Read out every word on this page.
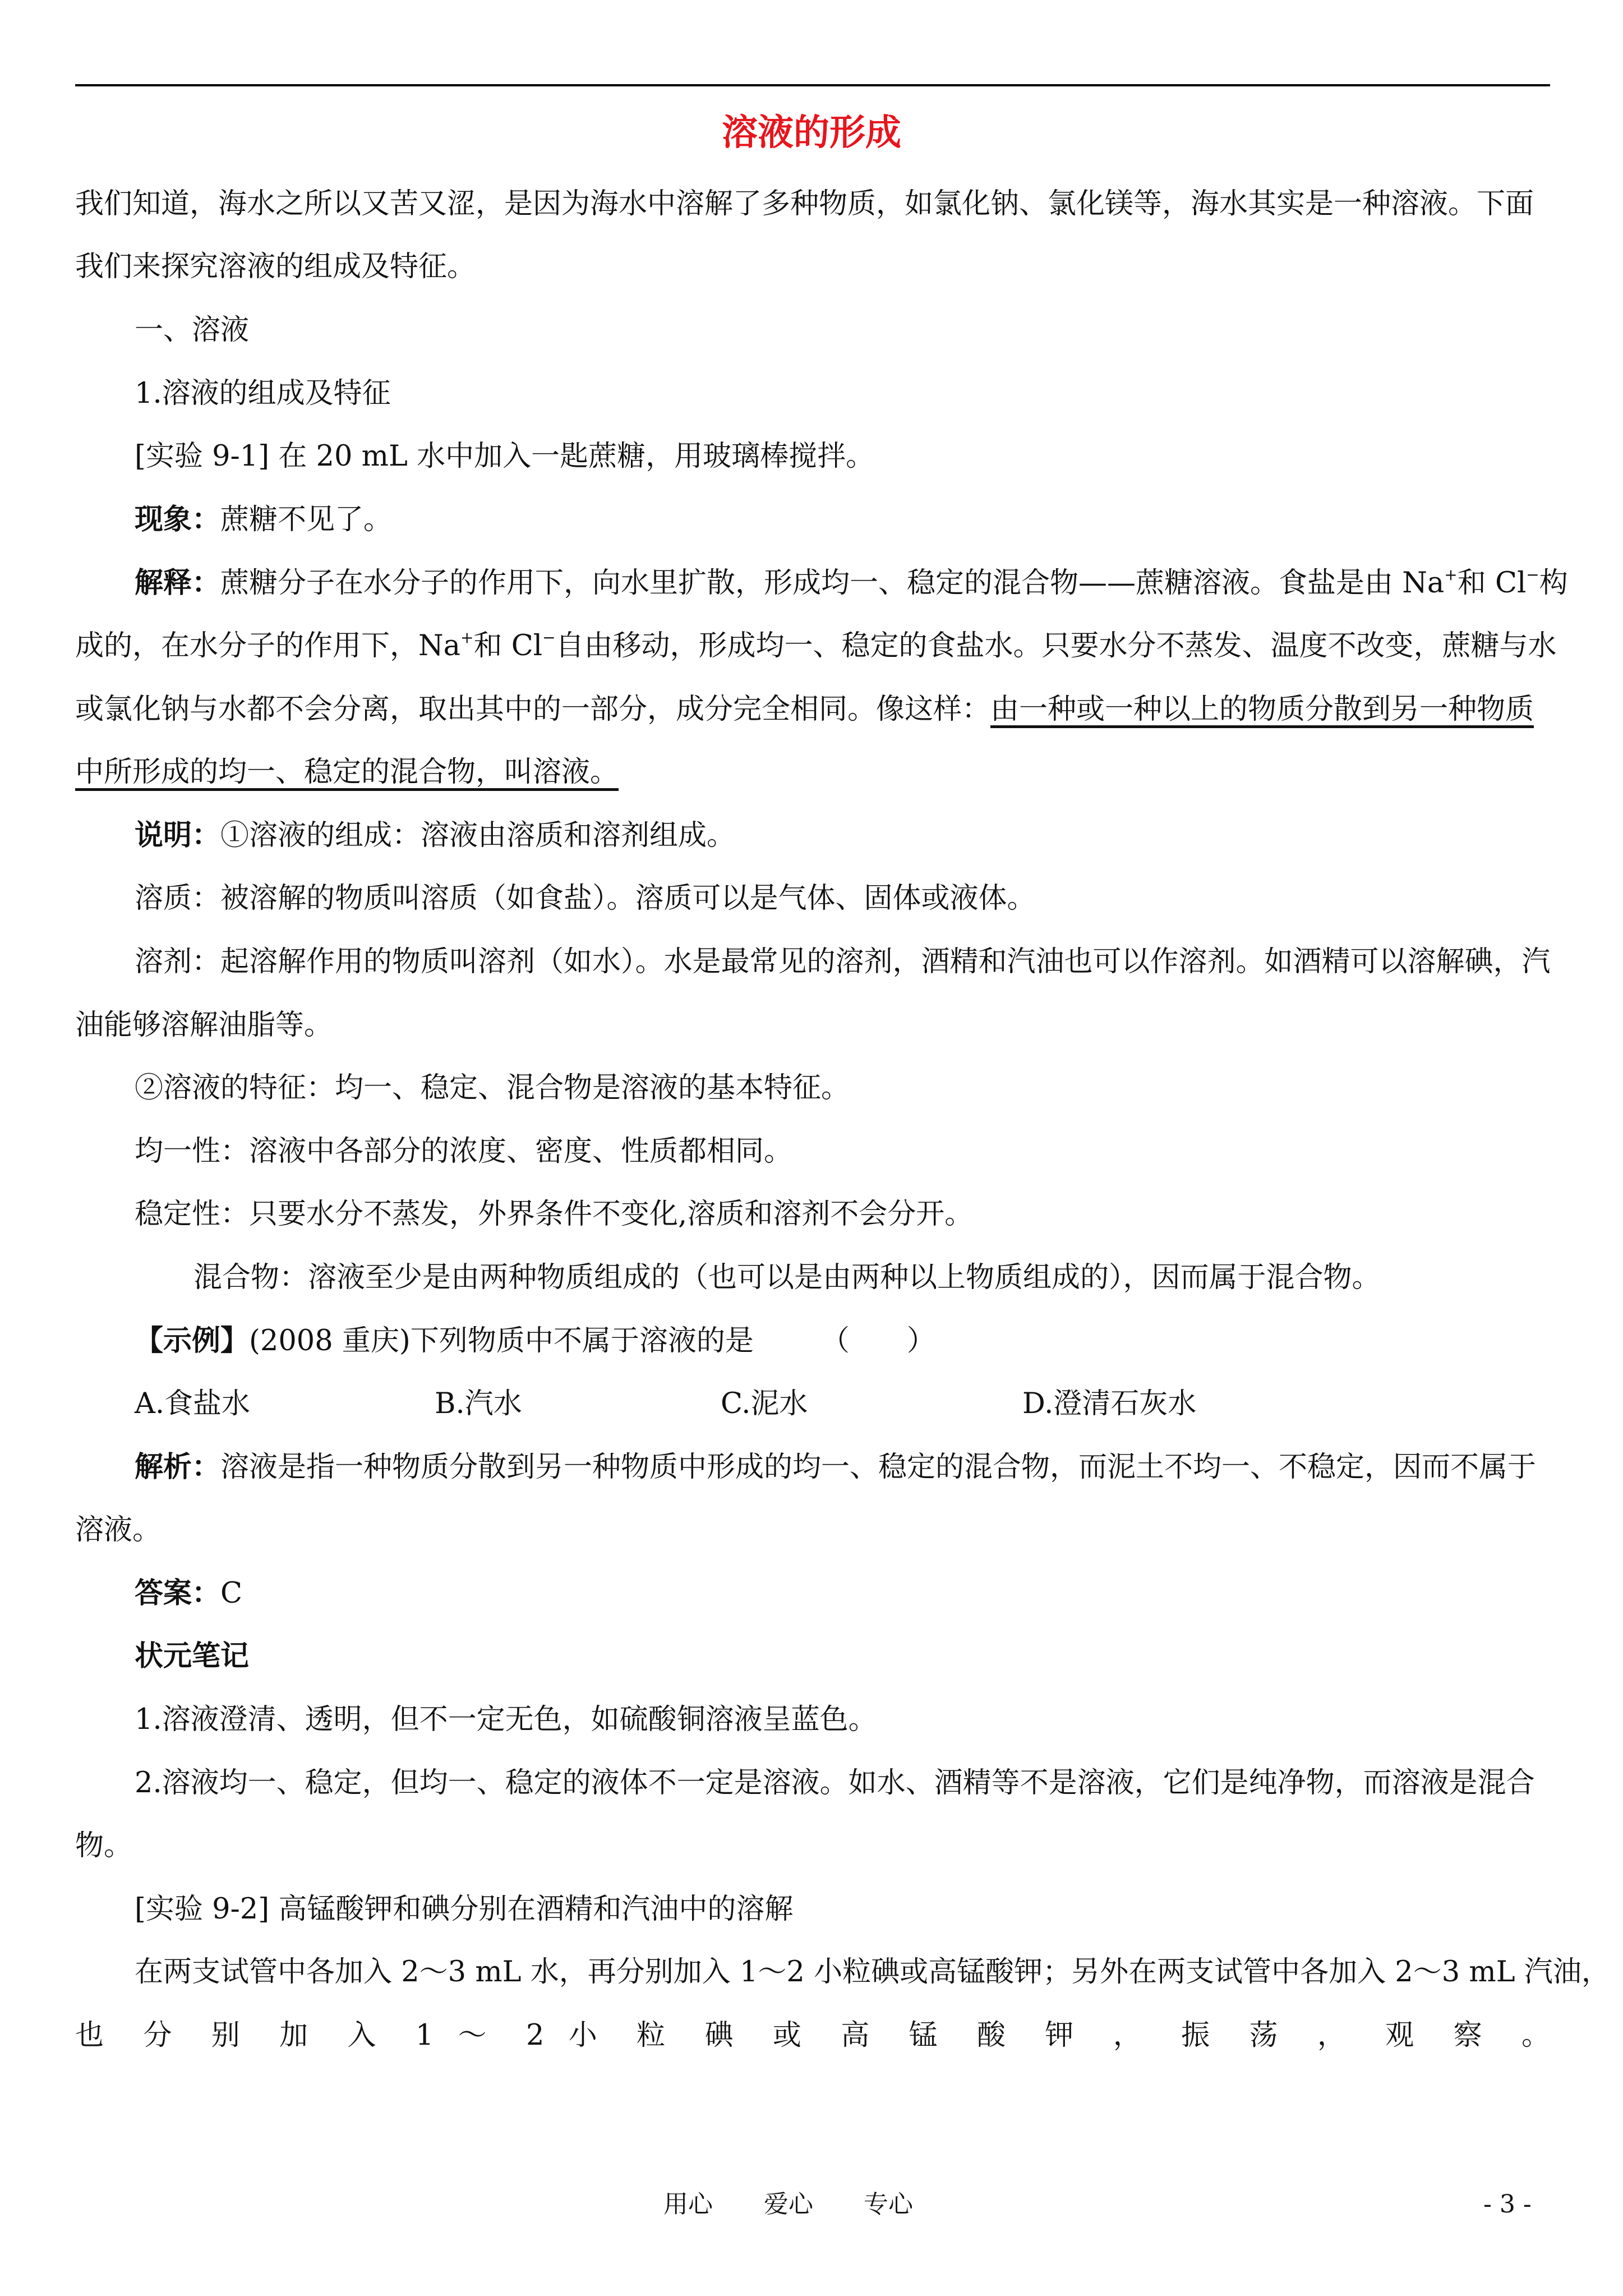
溶液的形成
我们知道，海水之所以又苦又涩，是因为海水中溶解了多种物质，如氯化钠、氯化镁等，海水其实是一种溶液。下面
我们来探究溶液的组成及特征。
一、溶液
1.溶液的组成及特征
[实验 9-1] 在 20 mL 水中加入一匙蔗糖，用玻璃棒搅拌。
现象：蔗糖不见了。
解释：蔗糖分子在水分子的作用下，向水里扩散，形成均一、稳定的混合物——蔗糖溶液。食盐是由 Na+和 Cl−构
成的，在水分子的作用下，Na+和 Cl−自由移动，形成均一、稳定的食盐水。只要水分不蒸发、温度不改变，蔗糖与水
或氯化钠与水都不会分离，取出其中的一部分，成分完全相同。像这样：由一种或一种以上的物质分散到另一种物质
中所形成的均一、稳定的混合物，叫溶液。
说明：①溶液的组成：溶液由溶质和溶剂组成。
溶质：被溶解的物质叫溶质（如食盐）。溶质可以是气体、固体或液体。
溶剂：起溶解作用的物质叫溶剂（如水）。水是最常见的溶剂，酒精和汽油也可以作溶剂。如酒精可以溶解碘，汽
油能够溶解油脂等。
②溶液的特征：均一、稳定、混合物是溶液的基本特征。
均一性：溶液中各部分的浓度、密度、性质都相同。
稳定性：只要水分不蒸发，外界条件不变化,溶质和溶剂不会分开。
混合物：溶液至少是由两种物质组成的（也可以是由两种以上物质组成的），因而属于混合物。
【示例】(2008 重庆)下列物质中不属于溶液的是 （　　）
A.食盐水	B.汽水	C.泥水	D.澄清石灰水
解析：溶液是指一种物质分散到另一种物质中形成的均一、稳定的混合物，而泥土不均一、不稳定，因而不属于
溶液。
答案：C
状元笔记
1.溶液澄清、透明，但不一定无色，如硫酸铜溶液呈蓝色。
2.溶液均一、稳定，但均一、稳定的液体不一定是溶液。如水、酒精等不是溶液，它们是纯净物，而溶液是混合
物。
[实验 9-2] 高锰酸钾和碘分别在酒精和汽油中的溶解
在两支试管中各加入 2～3 mL 水，再分别加入 1～2 小粒碘或高锰酸钾；另外在两支试管中各加入 2～3 mL 汽油，
也 分 别 加 入 1 ～ 2 小 粒 碘 或 高 锰 酸 钾 ， 振 荡 ， 观 察 。
用心 爱心 专心	- 3 -
